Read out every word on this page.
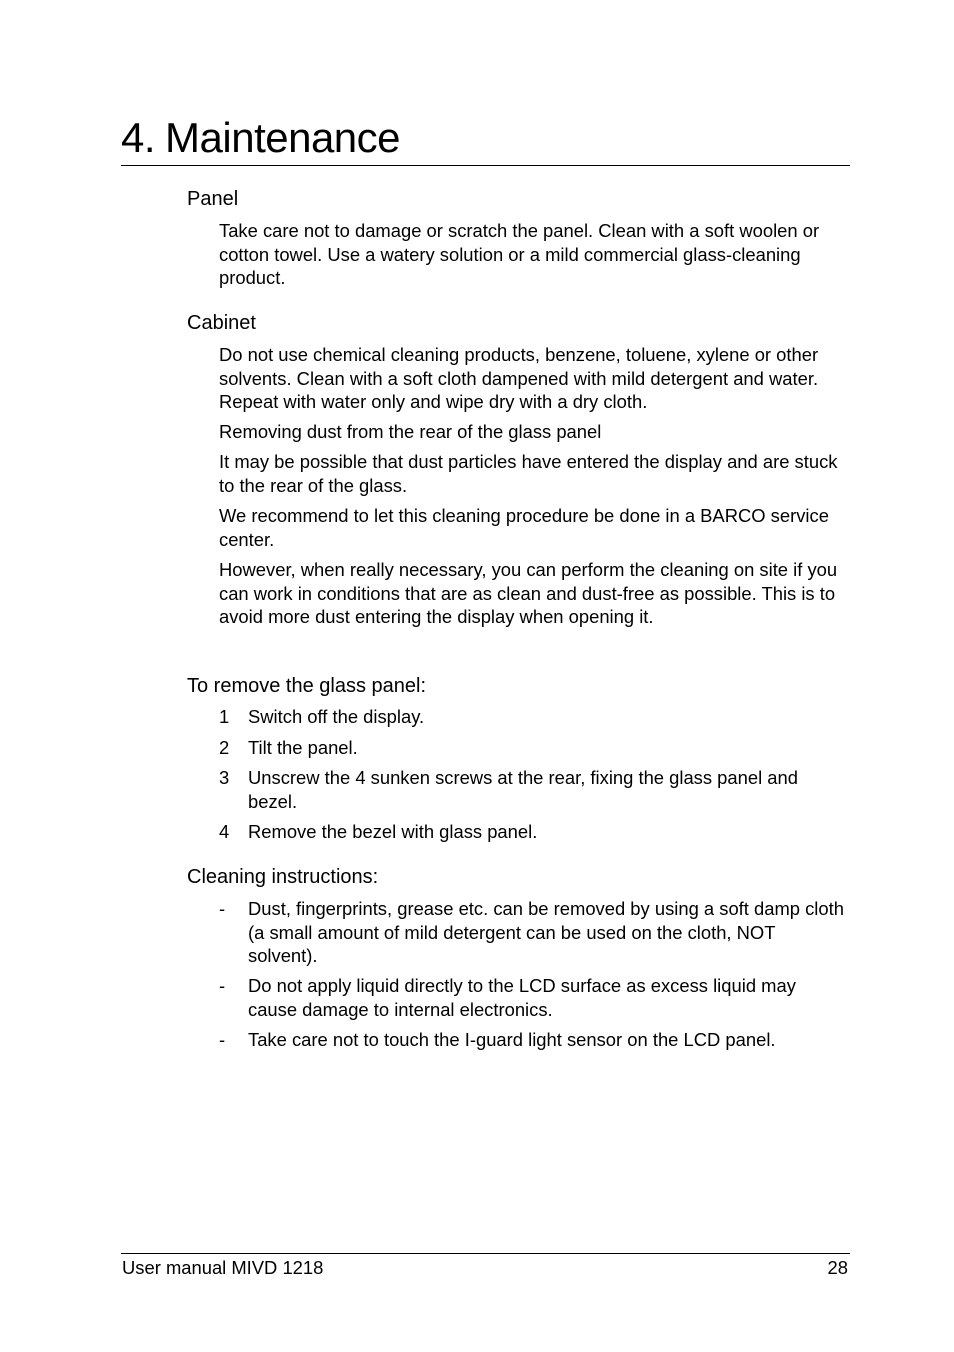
4. Maintenance
Panel

Take care not to damage or scratch the panel. Clean with a soft woolen or cotton towel. Use a watery solution or a mild commercial glass-cleaning product.

Cabinet

Do not use chemical cleaning products, benzene, toluene, xylene or other solvents. Clean with a soft cloth dampened with mild detergent and water. Repeat with water only and wipe dry with a dry cloth.

Removing dust from the rear of the glass panel

It may be possible that dust particles have entered the display and are stuck to the rear of the glass.

We recommend to let this cleaning procedure be done in a BARCO service center.

However, when really necessary, you can perform the cleaning on site if you can work in conditions that are as clean and dust-free as possible. This is to avoid more dust entering the display when opening it.

To remove the glass panel:
1	Switch off the display.
2	Tilt the panel.
3	Unscrew the 4 sunken screws at the rear, fixing the glass panel and bezel.
4	Remove the bezel with glass panel.
Cleaning instructions:
-	Dust, fingerprints, grease etc. can be removed by using a soft damp cloth (a small amount of mild detergent can be used on the cloth, NOT solvent).
-	Do not apply liquid directly to the LCD surface as excess liquid may cause damage to internal electronics.
-	Take care not to touch the I-guard light sensor on the LCD panel.
User manual MIVD 1218	28
